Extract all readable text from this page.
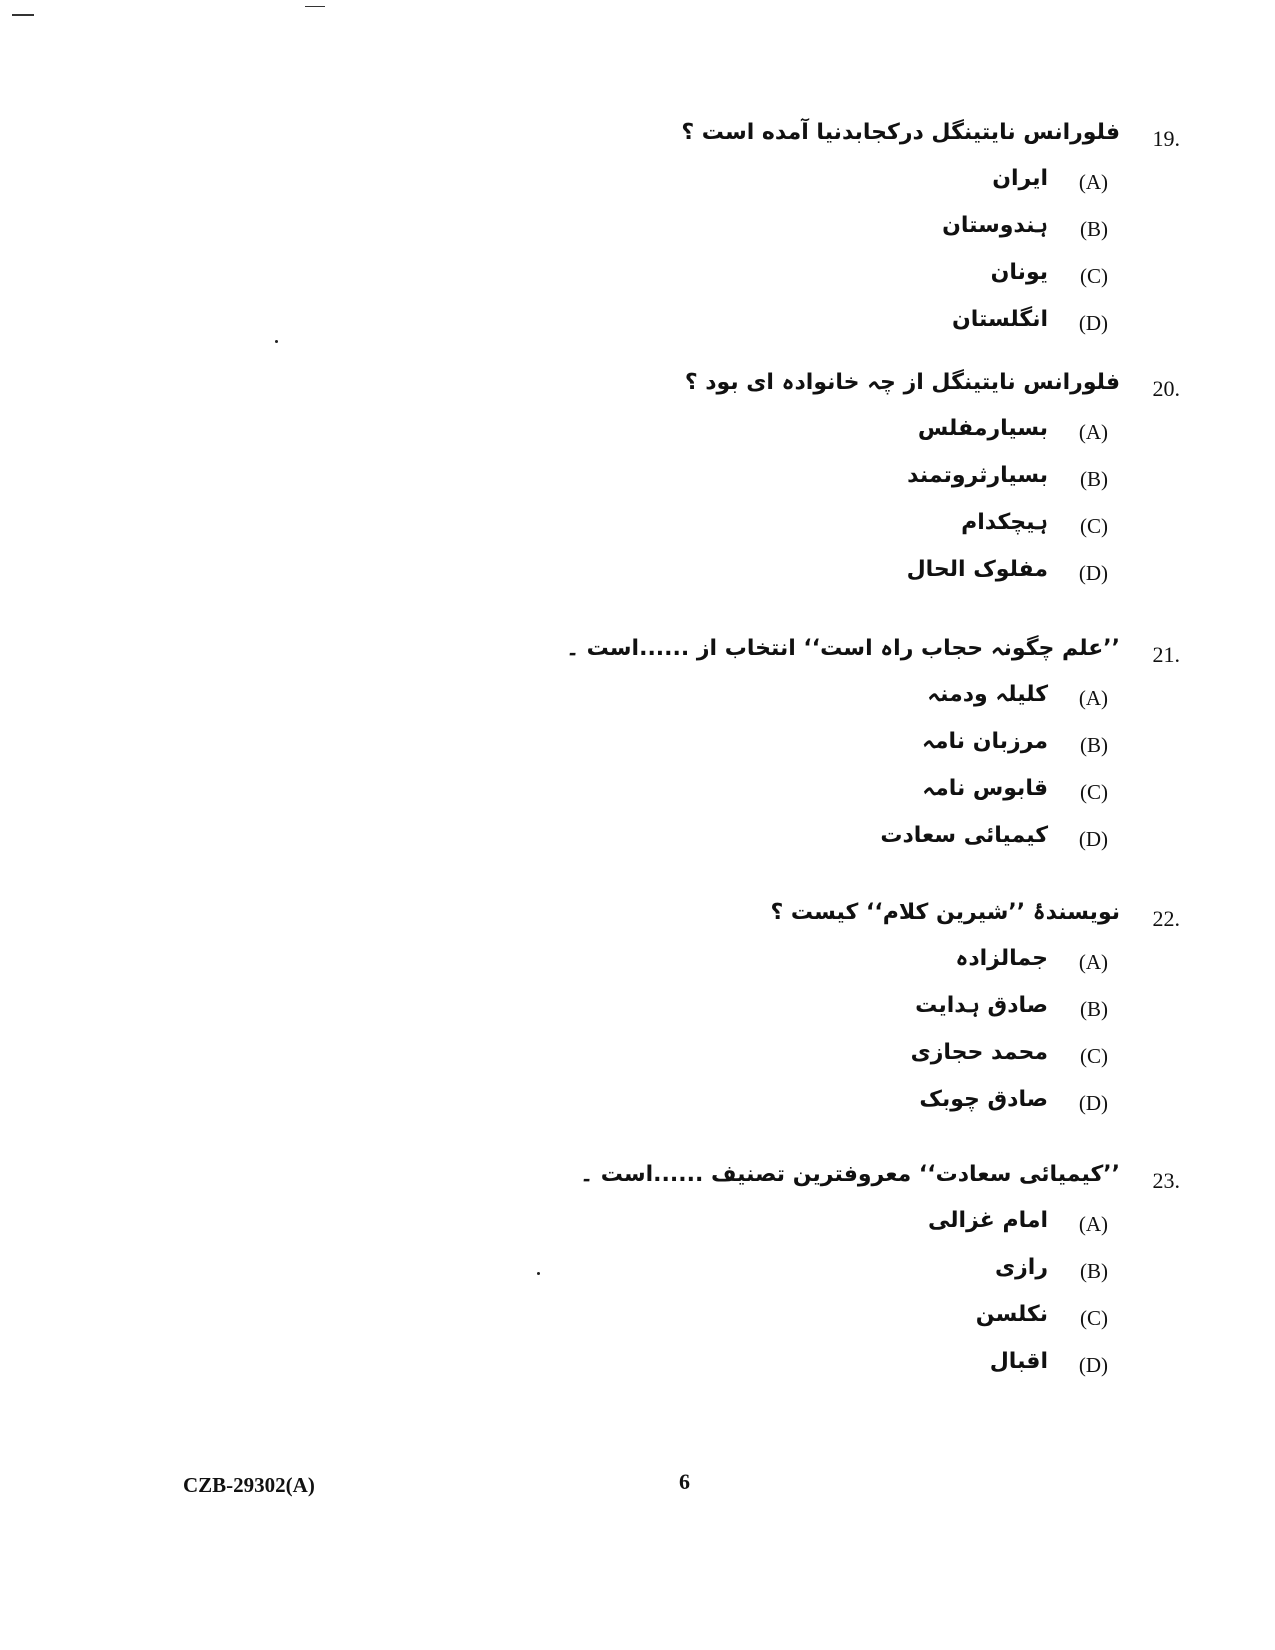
19.
فلورانس نایتینگل درکجابدنیا آمده است ؟
(A)
ایران
(B)
ہندوستان
(C)
یونان
(D)
انگلستان
20.
فلورانس نایتینگل از چہ خانوادہ ای بود ؟
(A)
بسیارمفلس
(B)
بسیارثروتمند
(C)
ہیچکدام
(D)
مفلوک الحال
21.
’’علم چگونہ حجاب راہ است‘‘ انتخاب از ......است ۔
(A)
کلیلہ ودمنہ
(B)
مرزبان نامہ
(C)
قابوس نامہ
(D)
کیمیائی سعادت
22.
نویسندۂ ’’شیرین کلام‘‘ کیست ؟
(A)
جمالزادہ
(B)
صادق ہدایت
(C)
محمد حجازی
(D)
صادق چوبک
23.
’’کیمیائی سعادت‘‘ معروفترین تصنیف ......است ۔
(A)
امام غزالی
(B)
رازی
(C)
نکلسن
(D)
اقبال
CZB-29302(A)	6
